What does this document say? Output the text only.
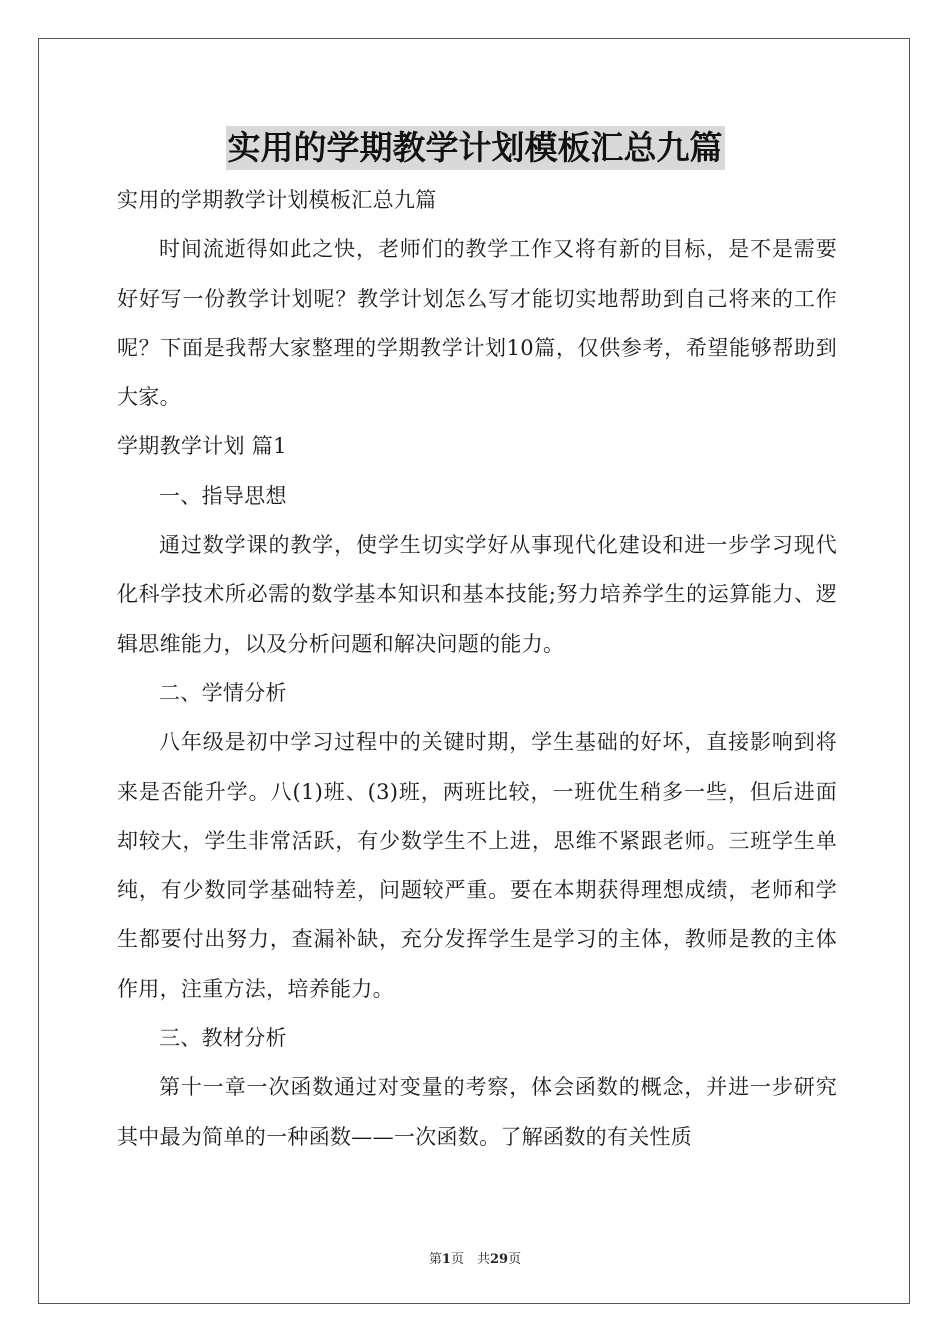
实用的学期教学计划模板汇总九篇

实用的学期教学计划模板汇总九篇

时间流逝得如此之快，老师们的教学工作又将有新的目标，是不是需要好好写一份教学计划呢？教学计划怎么写才能切实地帮助到自己将来的工作呢？下面是我帮大家整理的学期教学计划10篇，仅供参考，希望能够帮助到大家。

学期教学计划 篇1

一、指导思想

通过数学课的教学，使学生切实学好从事现代化建设和进一步学习现代化科学技术所必需的数学基本知识和基本技能;努力培养学生的运算能力、逻辑思维能力，以及分析问题和解决问题的能力。

二、学情分析

八年级是初中学习过程中的关键时期，学生基础的好坏，直接影响到将来是否能升学。八(1)班、(3)班，两班比较，一班优生稍多一些，但后进面却较大，学生非常活跃，有少数学生不上进，思维不紧跟老师。三班学生单纯，有少数同学基础特差，问题较严重。要在本期获得理想成绩，老师和学生都要付出努力，查漏补缺，充分发挥学生是学习的主体，教师是教的主体作用，注重方法，培养能力。

三、教材分析

第十一章一次函数通过对变量的考察，体会函数的概念，并进一步研究其中最为简单的一种函数——一次函数。了解函数的有关性质

第1页　共29页
